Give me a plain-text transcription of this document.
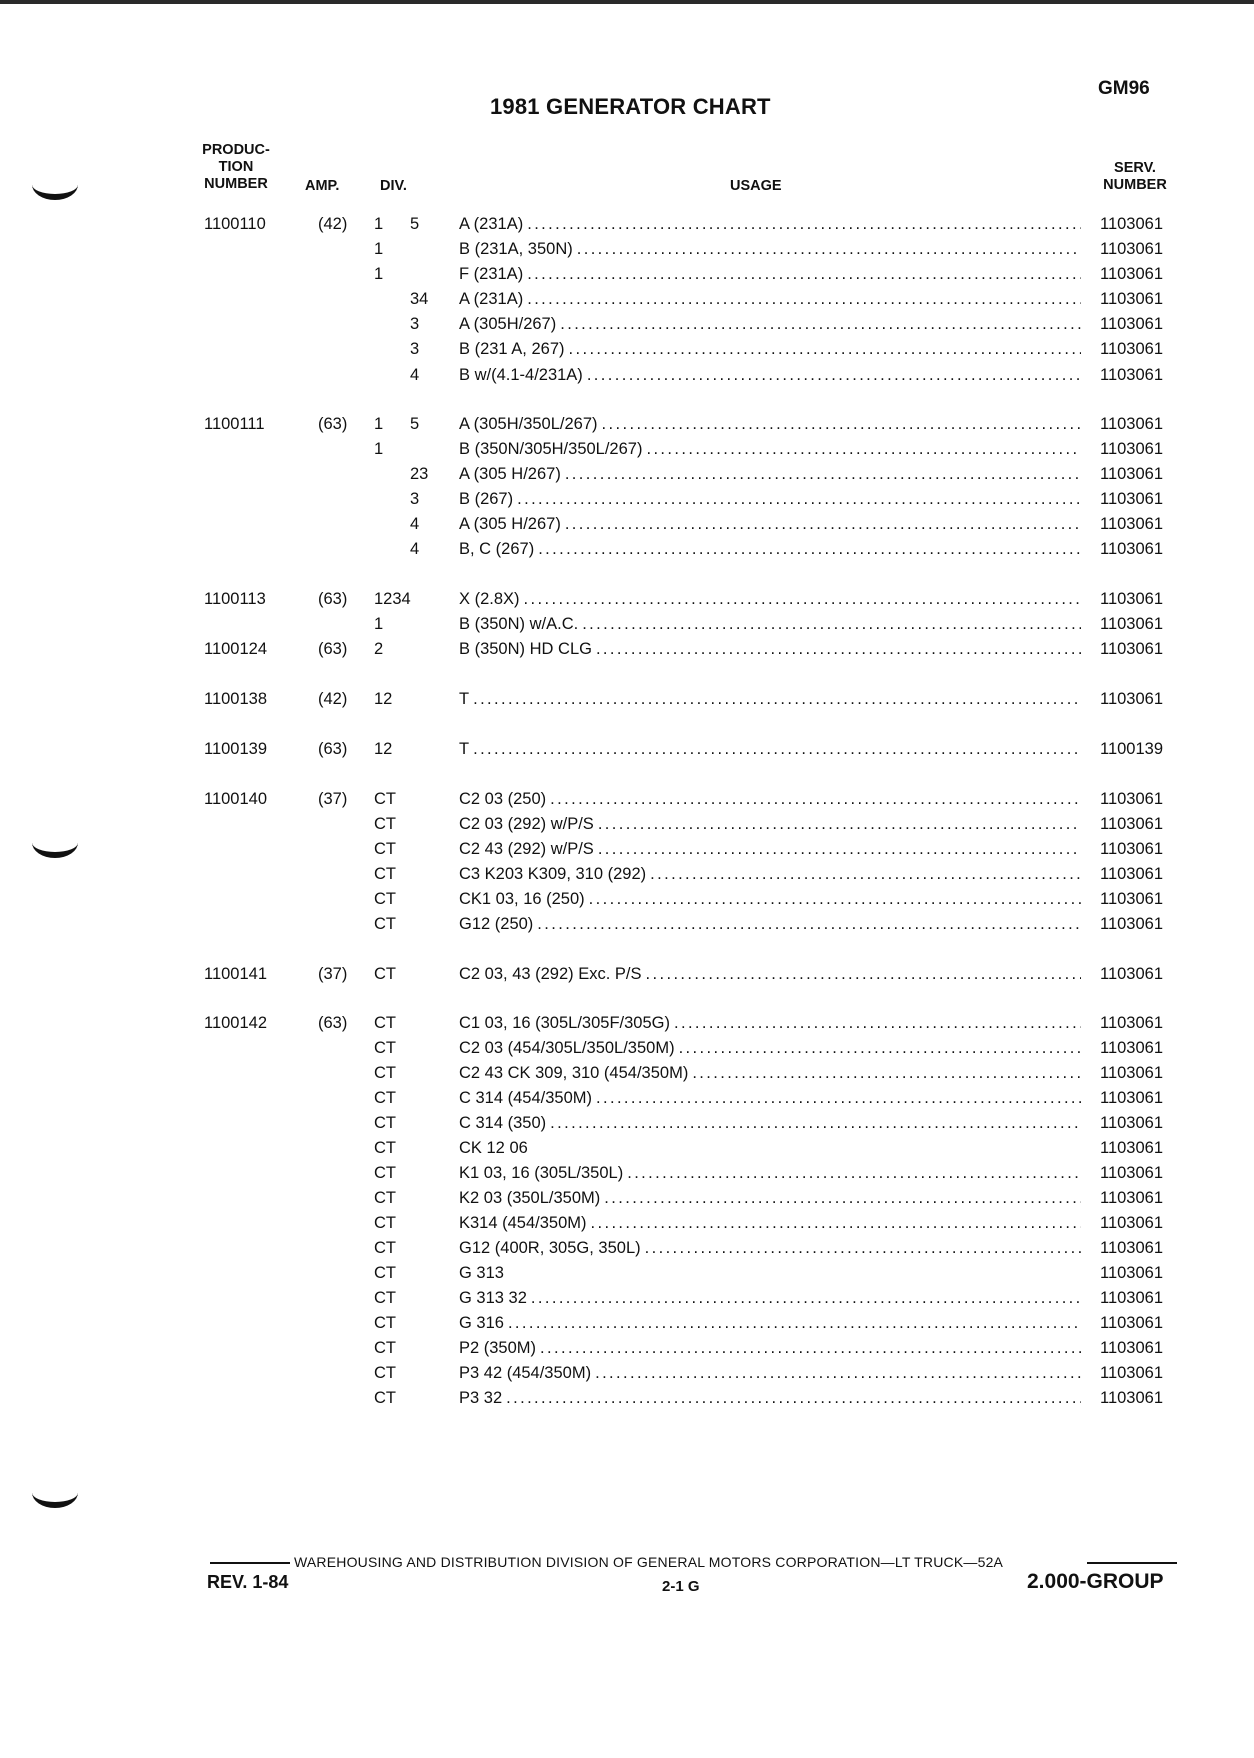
1981 GENERATOR CHART
GM96
PRODUC-
TION
NUMBER	AMP.	DIV.	USAGE
SERV.
NUMBER
1100110	(42) 1 5 A (231A) .....	1103061
1	B (231A, 350N) .....	1103061
1	F (231A) .....	1103061
34 A (231A) .....	1103061
3 A (305H/267) .....	1103061
3 B (231 A, 267) .....	1103061
4 B w/(4.1-4/231A) .....	1103061
1100111	(63) 1 5 A (305H/350L/267) .....	1103061
1	B (350N/305H/350L/267) .....	1103061
23 A (305 H/267) .....	1103061
3 B (267) .....	1103061
4 A (305 H/267) .....	1103061
4 B, C (267) .....	1103061
1100113	(63) 1234	X (2.8X) .....	1103061
1	B (350N) w/A.C. .....	1103061
1100124	(63) 2	B (350N) HD CLG .....	1103061
1100138	(42) 12	T .....	1103061
1100139	(63) 12	T .....	1100139
1100140	(37) CT	C2 03 (250) .....	1103061
CT	C2 03 (292) w/P/S .....	1103061
CT	C2 43 (292) w/P/S .....	1103061
CT	C3 K203 K309, 310 (292) .....	1103061
CT	CK1 03, 16 (250) .....	1103061
CT	G12 (250) .....	1103061
1100141	(37) CT	C2 03, 43 (292) Exc. P/S .....	1103061
1100142	(63) CT	C1 03, 16 (305L/305F/305G) .....	1103061
CT	C2 03 (454/305L/350L/350M) .....	1103061
CT	C2 43 CK 309, 310 (454/350M) .....	1103061
CT	C 314 (454/350M) .....	1103061
CT	C 314 (350) .....	1103061
CT	CK 12 06	1103061
CT	K1 03, 16 (305L/350L) .....	1103061
CT	K2 03 (350L/350M) .....	1103061
CT	K314 (454/350M) .....	1103061
CT	G12 (400R, 305G, 350L) .....	1103061
CT	G 313	1103061
CT	G 313 32 .....	1103061
CT	G 316 .....	1103061
CT	P2 (350M) .....	1103061
CT	P3 42 (454/350M) .....	1103061
CT	P3 32 .....	1103061
WAREHOUSING AND DISTRIBUTION DIVISION OF GENERAL MOTORS CORPORATION—LT TRUCK—52A
REV. 1-84	2-1 G	2.000-GROUP
